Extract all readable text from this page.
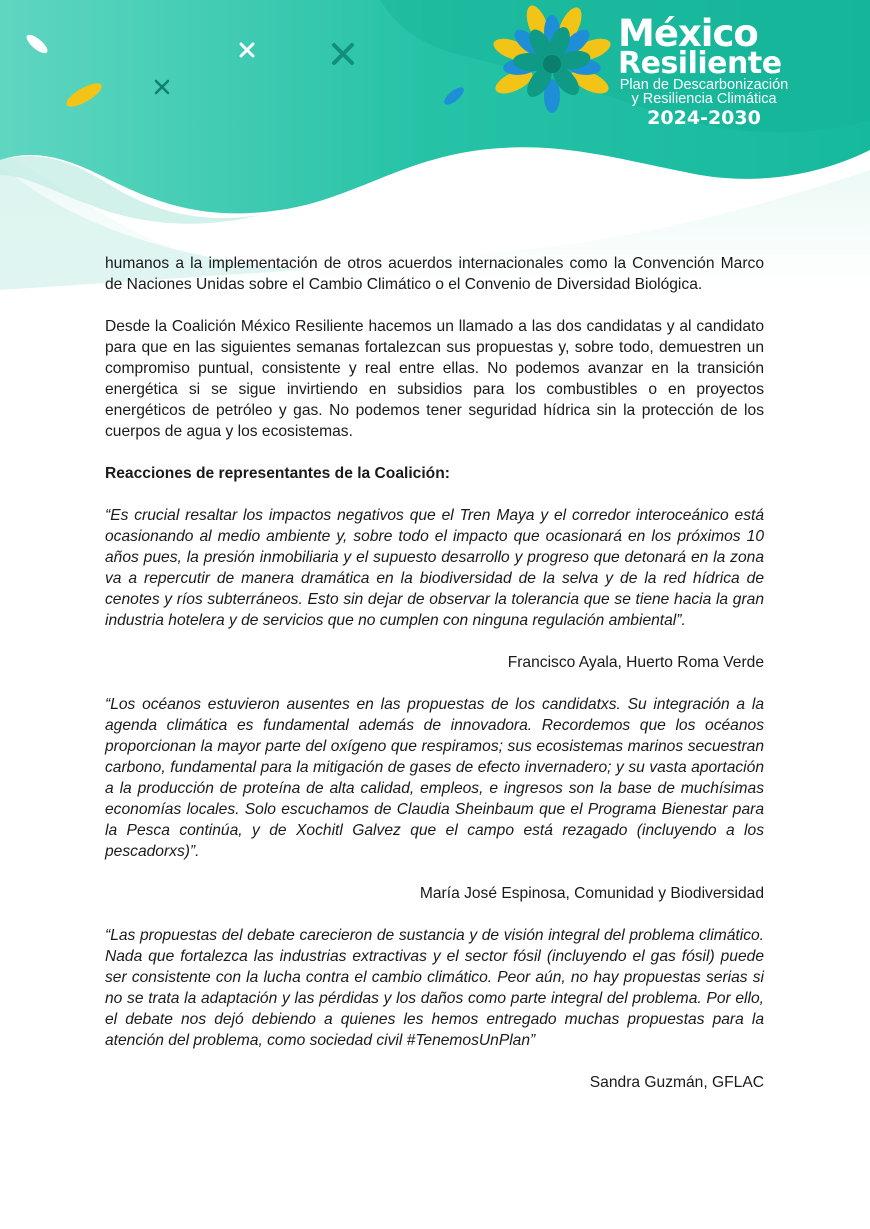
México
Resiliente
Plan de Descarbonización
y Resiliencia Climática
2024-2030

humanos a la implementación de otros acuerdos internacionales como la Convención Marco de Naciones Unidas sobre el Cambio Climático o el Convenio de Diversidad Biológica.

Desde la Coalición México Resiliente hacemos un llamado a las dos candidatas y al candidato para que en las siguientes semanas fortalezcan sus propuestas y, sobre todo, demuestren un compromiso puntual, consistente y real entre ellas. No podemos avanzar en la transición energética si se sigue invirtiendo en subsidios para los combustibles o en proyectos energéticos de petróleo y gas. No podemos tener seguridad hídrica sin la protección de los cuerpos de agua y los ecosistemas.

Reacciones de representantes de la Coalición:

“Es crucial resaltar los impactos negativos que el Tren Maya y el corredor interoceánico está ocasionando al medio ambiente y, sobre todo el impacto que ocasionará en los próximos 10 años pues, la presión inmobiliaria y el supuesto desarrollo y progreso que detonará en la zona va a repercutir de manera dramática en la biodiversidad de la selva y de la red hídrica de cenotes y ríos subterráneos. Esto sin dejar de observar la tolerancia que se tiene hacia la gran industria hotelera y de servicios que no cumplen con ninguna regulación ambiental”.

Francisco Ayala, Huerto Roma Verde

“Los océanos estuvieron ausentes en las propuestas de los candidatxs. Su integración a la agenda climática es fundamental además de innovadora. Recordemos que los océanos proporcionan la mayor parte del oxígeno que respiramos; sus ecosistemas marinos secuestran carbono, fundamental para la mitigación de gases de efecto invernadero; y su vasta aportación a la producción de proteína de alta calidad, empleos, e ingresos son la base de muchísimas economías locales. Solo escuchamos de Claudia Sheinbaum que el Programa Bienestar para la Pesca continúa, y de Xochitl Galvez que el campo está rezagado (incluyendo a los pescadorxs)”.

María José Espinosa, Comunidad y Biodiversidad

“Las propuestas del debate carecieron de sustancia y de visión integral del problema climático. Nada que fortalezca las industrias extractivas y el sector fósil (incluyendo el gas fósil) puede ser consistente con la lucha contra el cambio climático. Peor aún, no hay propuestas serias si no se trata la adaptación y las pérdidas y los daños como parte integral del problema. Por ello, el debate nos dejó debiendo a quienes les hemos entregado muchas propuestas para la atención del problema, como sociedad civil #TenemosUnPlan”

Sandra Guzmán, GFLAC
